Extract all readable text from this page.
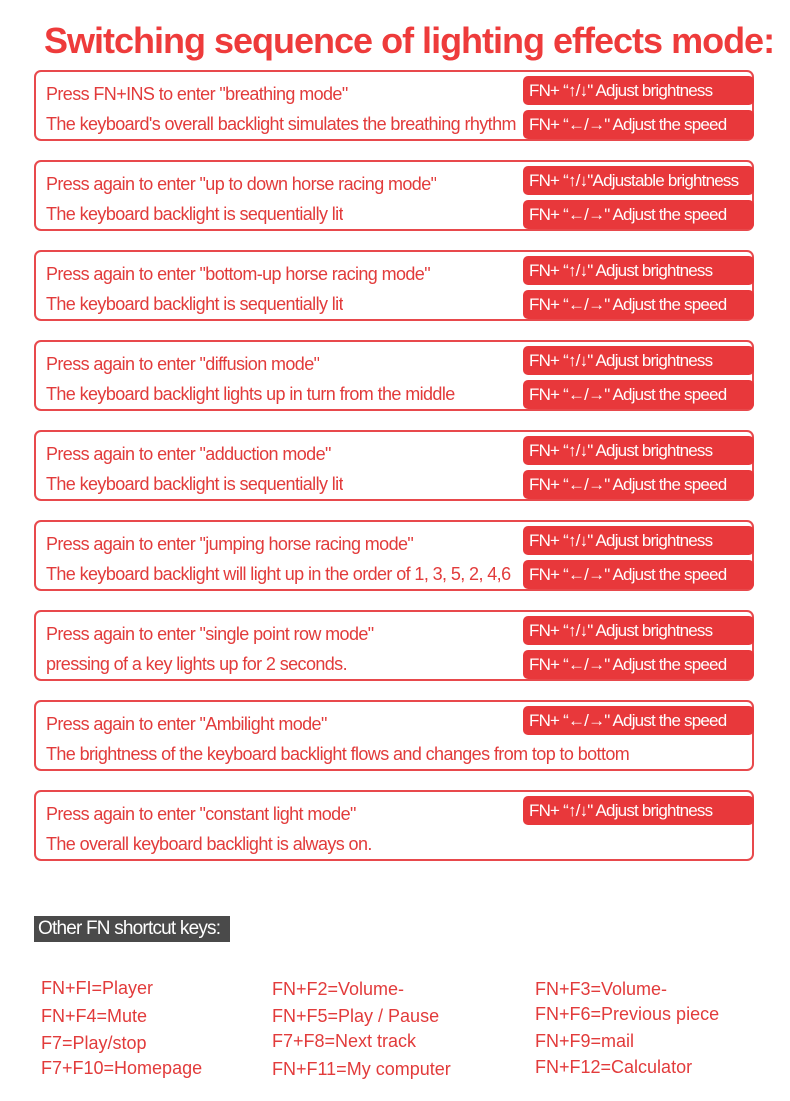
Switching sequence of lighting effects mode:
Press FN+INS to enter "breathing mode"
The keyboard's overall backlight simulates the breathing rhythm
FN+ “↑/↓" Adjust brightness
FN+ “←/→" Adjust the speed
Press again to enter "up to down horse racing mode"
The keyboard backlight is sequentially lit
FN+ “↑/↓"Adjustable brightness
FN+ “←/→" Adjust the speed
Press again to enter "bottom-up horse racing mode"
The keyboard backlight is sequentially lit
FN+ “↑/↓" Adjust brightness
FN+ “←/→" Adjust the speed
Press again to enter "diffusion mode"
The keyboard backlight lights up in turn from the middle
FN+ “↑/↓" Adjust brightness
FN+ “←/→" Adjust the speed
Press again to enter "adduction mode"
The keyboard backlight is sequentially lit
FN+ “↑/↓" Adjust brightness
FN+ “←/→" Adjust the speed
Press again to enter "jumping horse racing mode"
The keyboard backlight will light up in the order of 1, 3, 5, 2, 4,6
FN+ “↑/↓" Adjust brightness
FN+ “←/→" Adjust the speed
Press again to enter "single point row mode"
pressing of a key lights up for 2 seconds.
FN+ “↑/↓" Adjust brightness
FN+ “←/→" Adjust the speed
Press again to enter "Ambilight mode"
The brightness of the keyboard backlight flows and changes from top to bottom
FN+ “←/→" Adjust the speed
Press again to enter "constant light mode"
The overall keyboard backlight is always on.
FN+ “↑/↓" Adjust brightness
Other FN shortcut keys:
FN+FI=Player	FN+F2=Volume-	FN+F3=Volume-
FN+F4=Mute	FN+F5=Play / Pause	FN+F6=Previous piece
F7=Play/stop	F7+F8=Next track	FN+F9=mail
F7+F10=Homepage	FN+F11=My computer	FN+F12=Calculator
